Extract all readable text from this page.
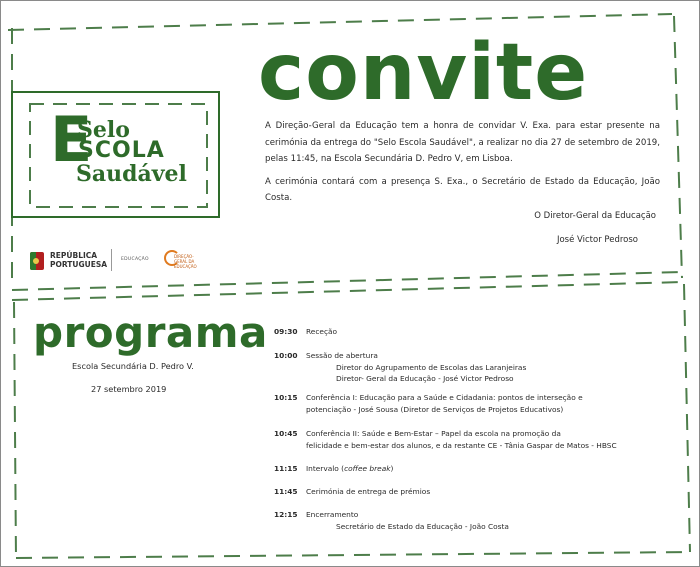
E
Selo
SCOLA
Saudável
convite

A Direção-Geral da Educação tem a honra de convidar V. Exa. para estar presente na cerimónia da entrega do "Selo Escola Saudável", a realizar no dia 27 de setembro de 2019, pelas 11:45, na Escola Secundária D. Pedro V, em Lisboa.

A cerimónia contará com a presença S. Exa., o Secretário de Estado da Educação, João Costa.

O Diretor-Geral da Educação
José Victor Pedroso
REPÚBLICA
PORTUGUESA
EDUCAÇÃO
DIREÇÃO-GERAL DA EDUCAÇÃO
programa
Escola Secundária D. Pedro V.
27 setembro 2019
09:30	Receção
10:00	Sessão de abertura
Diretor do Agrupamento de Escolas das Laranjeiras
Diretor- Geral da Educação - José Victor Pedroso
10:15	Conferência I: Educação para a Saúde e Cidadania: pontos de interseção e
potenciação - José Sousa (Diretor de Serviços de Projetos Educativos)
10:45	Conferência II: Saúde e Bem-Estar – Papel da escola na promoção da
felicidade e bem-estar dos alunos, e da restante CE - Tânia Gaspar de Matos - HBSC
11:15	Intervalo (coffee break)
11:45	Cerimónia de entrega de prémios
12:15	Encerramento
Secretário de Estado da Educação - João Costa
